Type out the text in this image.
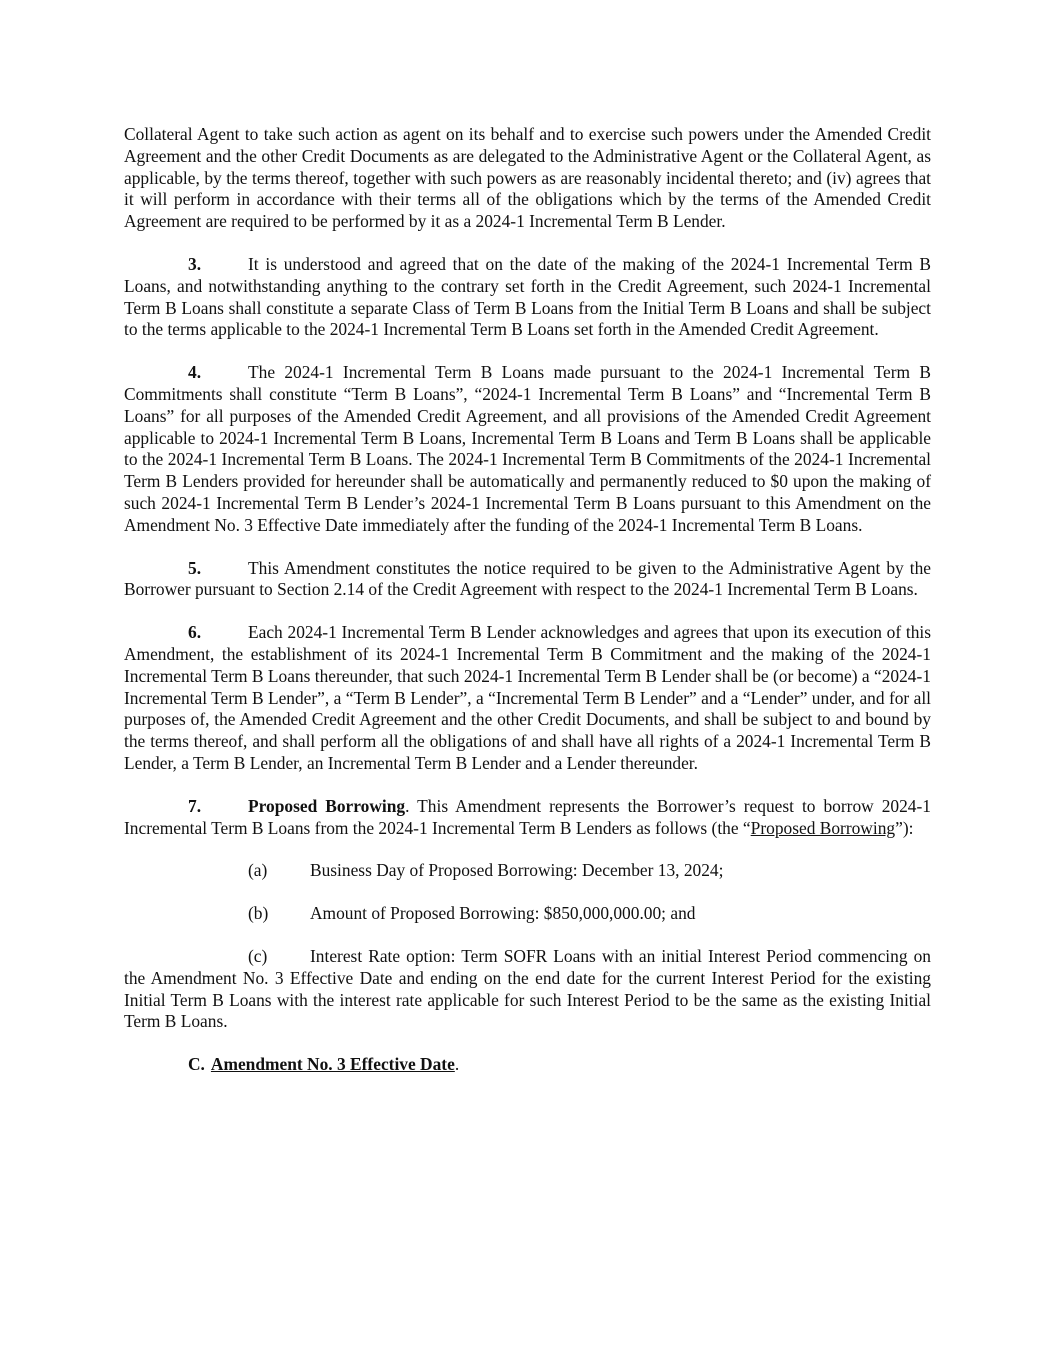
Collateral Agent to take such action as agent on its behalf and to exercise such powers under the Amended Credit Agreement and the other Credit Documents as are delegated to the Administrative Agent or the Collateral Agent, as applicable, by the terms thereof, together with such powers as are reasonably incidental thereto; and (iv) agrees that it will perform in accordance with their terms all of the obligations which by the terms of the Amended Credit Agreement are required to be performed by it as a 2024-1 Incremental Term B Lender.

3.	It is understood and agreed that on the date of the making of the 2024-1 Incremental Term B Loans, and notwithstanding anything to the contrary set forth in the Credit Agreement, such 2024-1 Incremental Term B Loans shall constitute a separate Class of Term B Loans from the Initial Term B Loans and shall be subject to the terms applicable to the 2024-1 Incremental Term B Loans set forth in the Amended Credit Agreement.

4.	The 2024-1 Incremental Term B Loans made pursuant to the 2024-1 Incremental Term B Commitments shall constitute “Term B Loans”, “2024-1 Incremental Term B Loans” and “Incremental Term B Loans” for all purposes of the Amended Credit Agreement, and all provisions of the Amended Credit Agreement applicable to 2024-1 Incremental Term B Loans, Incremental Term B Loans and Term B Loans shall be applicable to the 2024-1 Incremental Term B Loans. The 2024-1 Incremental Term B Commitments of the 2024-1 Incremental Term B Lenders provided for hereunder shall be automatically and permanently reduced to $0 upon the making of such 2024-1 Incremental Term B Lender’s 2024-1 Incremental Term B Loans pursuant to this Amendment on the Amendment No. 3 Effective Date immediately after the funding of the 2024-1 Incremental Term B Loans.

5.	This Amendment constitutes the notice required to be given to the Administrative Agent by the Borrower pursuant to Section 2.14 of the Credit Agreement with respect to the 2024-1 Incremental Term B Loans.

6.	Each 2024-1 Incremental Term B Lender acknowledges and agrees that upon its execution of this Amendment, the establishment of its 2024-1 Incremental Term B Commitment and the making of the 2024-1 Incremental Term B Loans thereunder, that such 2024-1 Incremental Term B Lender shall be (or become) a “2024-1 Incremental Term B Lender”, a “Term B Lender”, a “Incremental Term B Lender” and a “Lender” under, and for all purposes of, the Amended Credit Agreement and the other Credit Documents, and shall be subject to and bound by the terms thereof, and shall perform all the obligations of and shall have all rights of a 2024-1 Incremental Term B Lender, a Term B Lender, an Incremental Term B Lender and a Lender thereunder.

7.	Proposed Borrowing. This Amendment represents the Borrower’s request to borrow 2024-1 Incremental Term B Loans from the 2024-1 Incremental Term B Lenders as follows (the “Proposed Borrowing”):

(a) Business Day of Proposed Borrowing: December 13, 2024;

(b) Amount of Proposed Borrowing: $850,000,000.00; and

(c) Interest Rate option: Term SOFR Loans with an initial Interest Period commencing on the Amendment No. 3 Effective Date and ending on the end date for the current Interest Period for the existing Initial Term B Loans with the interest rate applicable for such Interest Period to be the same as the existing Initial Term B Loans.

C. Amendment No. 3 Effective Date.
